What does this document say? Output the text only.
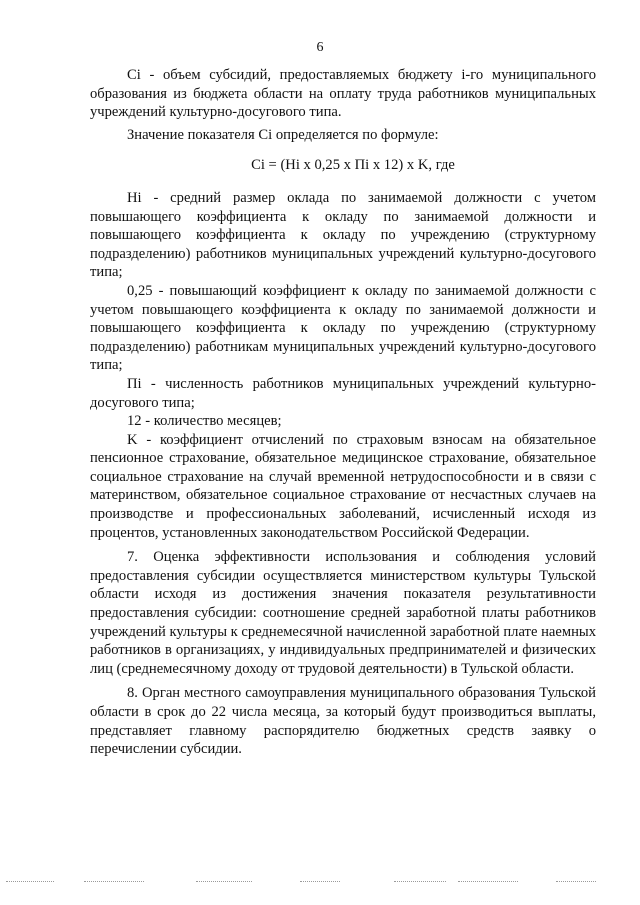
6

Ci - объем субсидий, предоставляемых бюджету i-го муниципального образования из бюджета области на оплату труда работников муниципальных учреждений культурно-досугового типа.

Значение показателя Ci определяется по формуле:

Ci = (Hi x 0,25 x Пi x 12) x K, где

Hi - средний размер оклада по занимаемой должности с учетом повышающего коэффициента к окладу по занимаемой должности и повышающего коэффициента к окладу по учреждению (структурному подразделению) работников муниципальных учреждений культурно-досугового типа;

0,25 - повышающий коэффициент к окладу по занимаемой должности с учетом повышающего коэффициента к окладу по занимаемой должности и повышающего коэффициента к окладу по учреждению (структурному подразделению) работникам муниципальных учреждений культурно-досугового типа;

Пi - численность работников муниципальных учреждений культурно-досугового типа;

12 - количество месяцев;

K - коэффициент отчислений по страховым взносам на обязательное пенсионное страхование, обязательное медицинское страхование, обязательное социальное страхование на случай временной нетрудоспособности и в связи с материнством, обязательное социальное страхование от несчастных случаев на производстве и профессиональных заболеваний, исчисленный исходя из процентов, установленных законодательством Российской Федерации.

7. Оценка эффективности использования и соблюдения условий предоставления субсидии осуществляется министерством культуры Тульской области исходя из достижения значения показателя результативности предоставления субсидии: соотношение средней заработной платы работников учреждений культуры к среднемесячной начисленной заработной плате наемных работников в организациях, у индивидуальных предпринимателей и физических лиц (среднемесячному доходу от трудовой деятельности) в Тульской области.

8. Орган местного самоуправления муниципального образования Тульской области в срок до 22 числа месяца, за который будут производиться выплаты, представляет главному распорядителю бюджетных средств заявку о перечислении субсидии.
